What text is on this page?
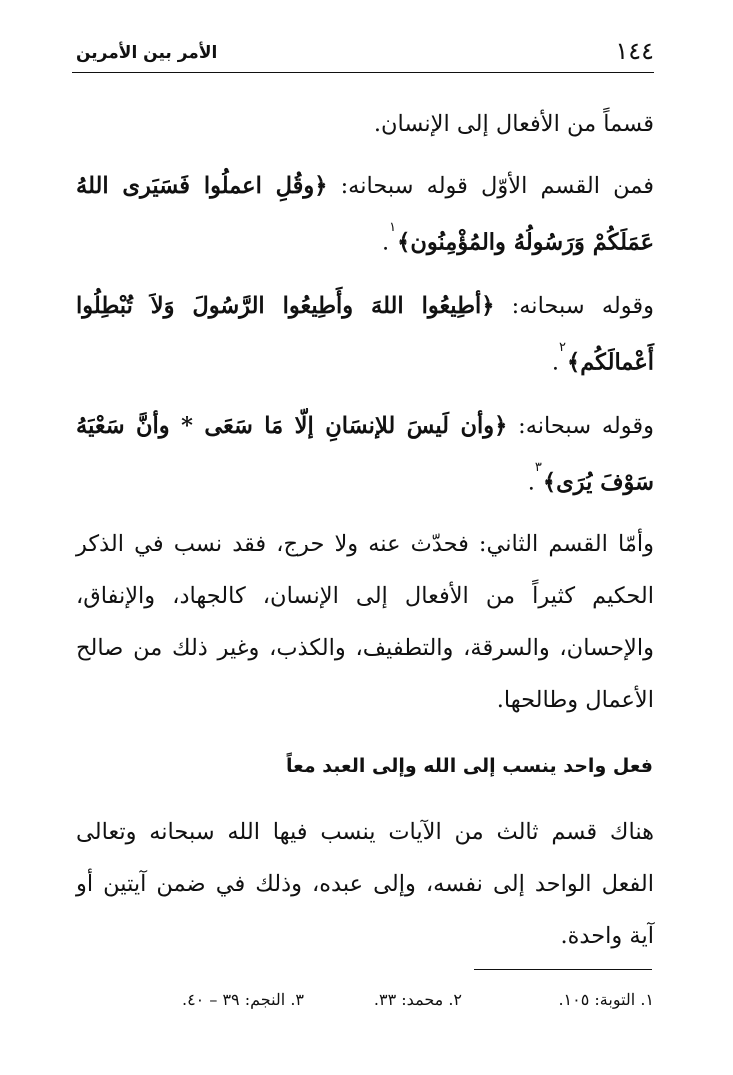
١٤٤
الأمر بين الأمرين

قسماً من الأفعال إلى الإنسان.

فمن القسم الأوّل قوله سبحانه: ﴿وقُلِ اعملُوا فَسَيَرى اللهُ عَمَلَكُمْ وَرَسُولُهُ والمُؤْمِنُون﴾$^١$.

وقوله سبحانه: ﴿أطِيعُوا اللهَ وأَطِيعُوا الرَّسُولَ وَلاَ تُبْطِلُوا أَعْمالَكُم﴾$^٢$.

وقوله سبحانه: ﴿وأن لَيسَ للإنسَانِ إلّا مَا سَعَى * وأنَّ سَعْيَهُ سَوْفَ يُرَى﴾$^٣$.

وأمّا القسم الثاني: فحدّث عنه ولا حرج، فقد نسب في الذكر الحكيم كثيراً من الأفعال إلى الإنسان، كالجهاد، والإنفاق، والإحسان، والسرقة، والتطفيف، والكذب، وغير ذلك من صالح الأعمال وطالحها.

فعل واحد ينسب إلى الله وإلى العبد معاً

هناك قسم ثالث من الآيات ينسب فيها الله سبحانه وتعالى الفعل الواحد إلى نفسه، وإلى عبده، وذلك في ضمن آيتين أو آية واحدة.

١. التوبة: ١٠٥.
٢. محمد: ٣٣.
٣. النجم: ٣٩ – ٤٠.
